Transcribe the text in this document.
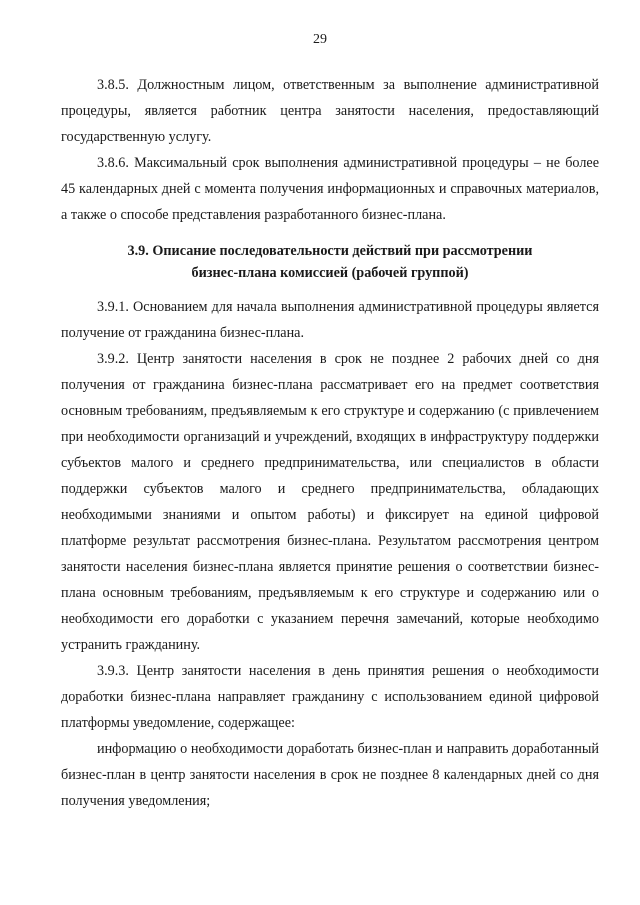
29

3.8.5. Должностным лицом, ответственным за выполнение административной процедуры, является работник центра занятости населения, предоставляющий государственную услугу.

3.8.6. Максимальный срок выполнения административной процедуры – не более 45 календарных дней с момента получения информационных и справочных материалов, а также о способе представления разработанного бизнес-плана.

3.9. Описание последовательности действий при рассмотрении бизнес-плана комиссией (рабочей группой)

3.9.1. Основанием для начала выполнения административной процедуры является получение от гражданина бизнес-плана.

3.9.2. Центр занятости населения в срок не позднее 2 рабочих дней со дня получения от гражданина бизнес-плана рассматривает его на предмет соответствия основным требованиям, предъявляемым к его структуре и содержанию (с привлечением при необходимости организаций и учреждений, входящих в инфраструктуру поддержки субъектов малого и среднего предпринимательства, или специалистов в области поддержки субъектов малого и среднего предпринимательства, обладающих необходимыми знаниями и опытом работы) и фиксирует на единой цифровой платформе результат рассмотрения бизнес-плана. Результатом рассмотрения центром занятости населения бизнес-плана является принятие решения о соответствии бизнес-плана основным требованиям, предъявляемым к его структуре и содержанию или о необходимости его доработки с указанием перечня замечаний, которые необходимо устранить гражданину.

3.9.3. Центр занятости населения в день принятия решения о необходимости доработки бизнес-плана направляет гражданину с использованием единой цифровой платформы уведомление, содержащее:

информацию о необходимости доработать бизнес-план и направить доработанный бизнес-план в центр занятости населения в срок не позднее 8 календарных дней со дня получения уведомления;
